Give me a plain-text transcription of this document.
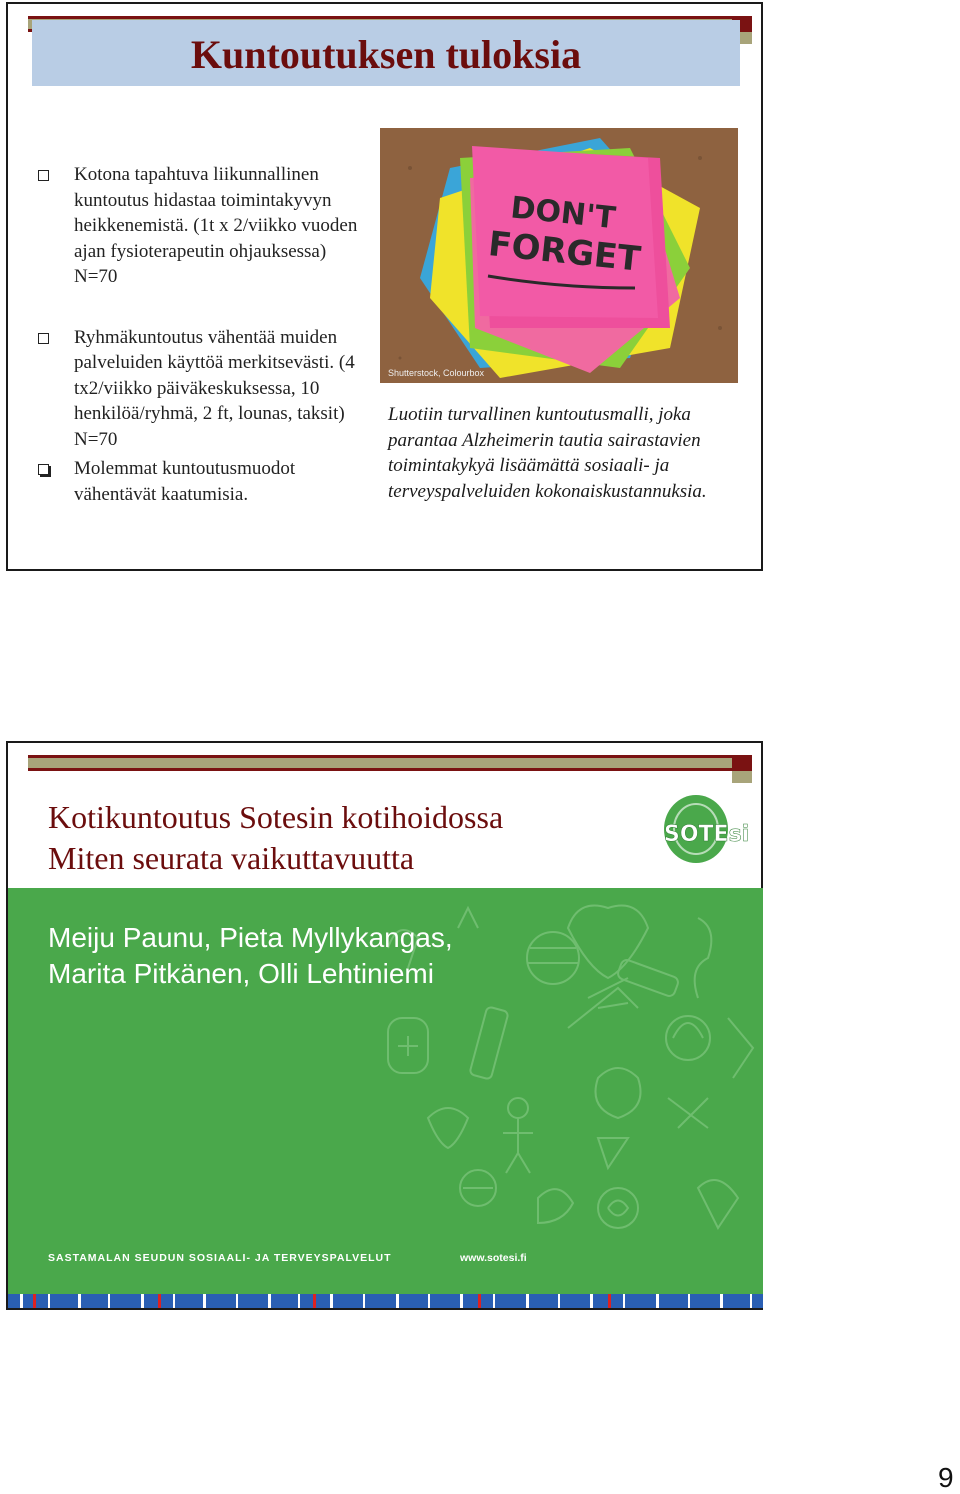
Kuntoutuksen tuloksia
Kotona tapahtuva liikunnallinen kuntoutus hidastaa toimintakyvyn heikkenemistä. (1t x 2/viikko vuoden ajan fysioterapeutin ohjauksessa) N=70
Ryhmäkuntoutus vähentää muiden palveluiden käyttöä merkitsevästi. (4 tx2/viikko päiväkeskuksessa, 10 henkilöä/ryhmä, 2 ft, lounas, taksit) N=70
Molemmat kuntoutusmuodot vähentävät kaatumisia.
DON'T
FORGET
Shutterstock, Colourbox
Luotiin turvallinen kuntoutusmalli, joka parantaa Alzheimerin tautia sairastavien toimintakykyä lisäämättä sosiaali- ja terveyspalveluiden kokonaiskustannuksia.
Kotikuntoutus Sotesin kotihoidossa
Miten seurata vaikuttavuutta
SOTEsi
Meiju Paunu, Pieta Myllykangas,
Marita Pitkänen, Olli Lehtiniemi
SASTAMALAN SEUDUN SOSIAALI- JA TERVEYSPALVELUT	www.sotesi.fi
9
